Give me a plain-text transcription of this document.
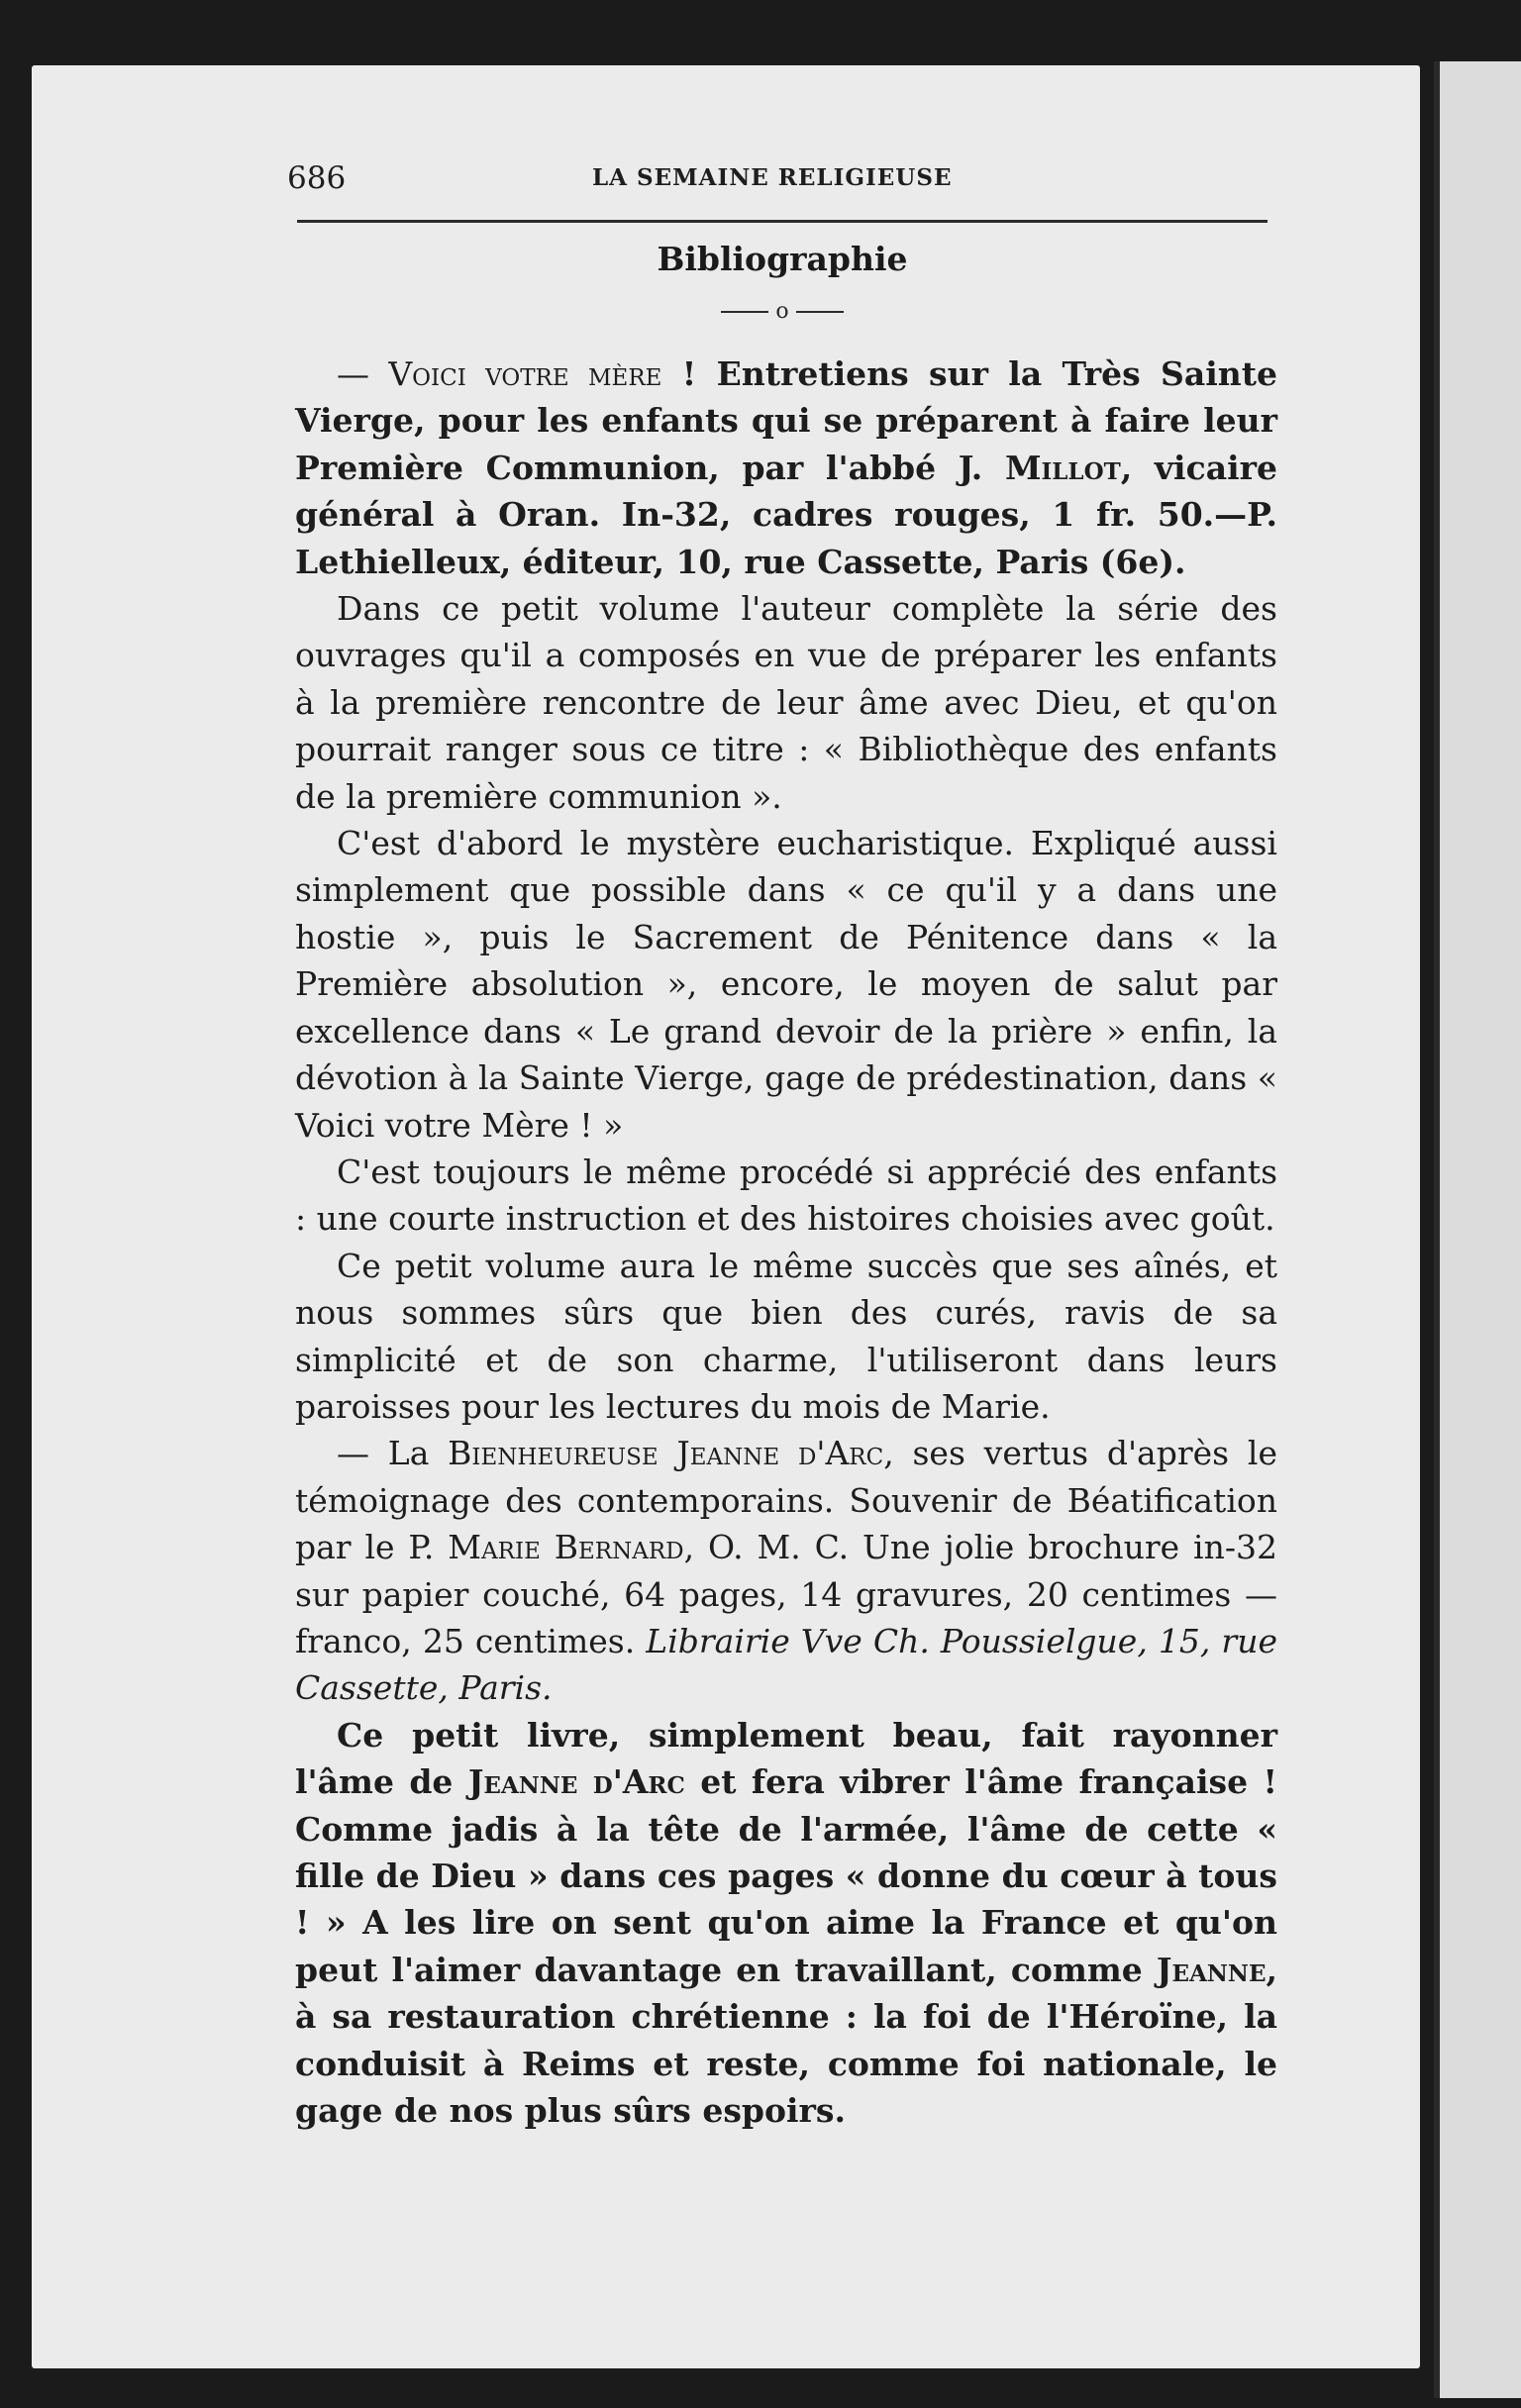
686	LA SEMAINE RELIGIEUSE
Bibliographie
o

— Voici votre mère ! Entretiens sur la Très Sainte Vierge, pour les enfants qui se préparent à faire leur Première Communion, par l'abbé J. Millot, vicaire général à Oran. In-32, cadres rouges, 1 fr. 50.—P. Lethielleux, éditeur, 10, rue Cassette, Paris (6e).

Dans ce petit volume l'auteur complète la série des ouvrages qu'il a composés en vue de préparer les enfants à la première rencontre de leur âme avec Dieu, et qu'on pourrait ranger sous ce titre : « Bibliothèque des enfants de la première communion ».

C'est d'abord le mystère eucharistique. Expliqué aussi simplement que possible dans « ce qu'il y a dans une hostie », puis le Sacrement de Pénitence dans « la Première absolution », encore, le moyen de salut par excellence dans « Le grand devoir de la prière » enfin, la dévotion à la Sainte Vierge, gage de prédestination, dans « Voici votre Mère ! »

C'est toujours le même procédé si apprécié des enfants : une courte instruction et des histoires choisies avec goût.

Ce petit volume aura le même succès que ses aînés, et nous sommes sûrs que bien des curés, ravis de sa simplicité et de son charme, l'utiliseront dans leurs paroisses pour les lectures du mois de Marie.

— La Bienheureuse Jeanne d'Arc, ses vertus d'après le témoignage des contemporains. Souvenir de Béatification par le P. Marie Bernard, O. M. C. Une jolie brochure in-32 sur papier couché, 64 pages, 14 gravures, 20 centimes — franco, 25 centimes. Librairie Vve Ch. Poussielgue, 15, rue Cassette, Paris.

Ce petit livre, simplement beau, fait rayonner l'âme de Jeanne d'Arc et fera vibrer l'âme française ! Comme jadis à la tête de l'armée, l'âme de cette « fille de Dieu » dans ces pages « donne du cœur à tous ! » A les lire on sent qu'on aime la France et qu'on peut l'aimer davantage en travaillant, comme Jeanne, à sa restauration chrétienne : la foi de l'Héroïne, la conduisit à Reims et reste, comme foi nationale, le gage de nos plus sûrs espoirs.
